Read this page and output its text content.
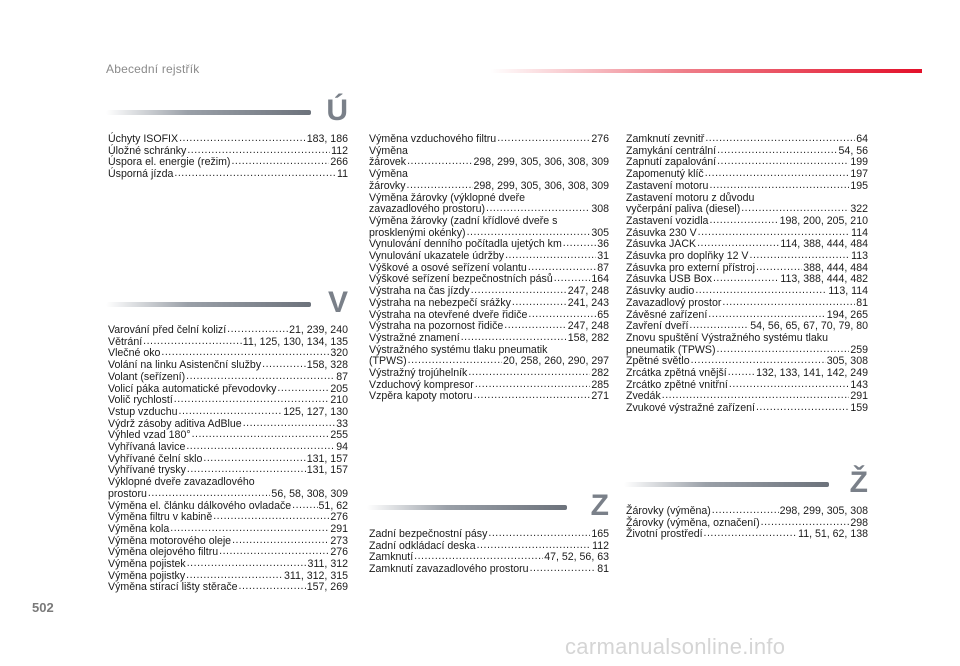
Abecední rejstřík
Ú
Úchyty ISOFIX .....	183, 186
Úložné schránky .....	112
Úspora el. energie (režim) .....	266
Úsporná jízda .....	11
V
Varování před čelní kolizí .....	21, 239, 240
Větrání .....	11, 125, 130, 134, 135
Vlečné oko .....	320
Volání na linku Asistenční služby .....	158, 328
Volant (seřízení) .....	87
Volicí páka automatické převodovky .....	205
Volič rychlostí .....	210
Vstup vzduchu .....	125, 127, 130
Výdrž zásoby aditiva AdBlue .....	33
Výhled vzad 180° .....	255
Vyhřívaná lavice .....	94
Vyhřívané čelní sklo .....	131, 157
Vyhřívané trysky .....	131, 157
Výklopné dveře zavazadlového
prostoru .....	56, 58, 308, 309
Výměna el. článku dálkového ovladače .....	51, 62
Výměna filtru v kabině .....	276
Výměna kola .....	291
Výměna motorového oleje .....	273
Výměna olejového filtru .....	276
Výměna pojistek .....	311, 312
Výměna pojistky .....	311, 312, 315
Výměna stírací lišty stěrače .....	157, 269
Výměna vzduchového filtru .....	276
Výměna
žárovek .....	298, 299, 305, 306, 308, 309
Výměna
žárovky .....	298, 299, 305, 306, 308, 309
Výměna žárovky (výklopné dveře
zavazadlového prostoru) .....	308
Výměna žárovky (zadní křídlové dveře s
prosklenými okénky) .....	305
Vynulování denního počítadla ujetých km .....	36
Vynulování ukazatele údržby .....	31
Výškové a osové seřízení volantu .....	87
Výškové seřízení bezpečnostních pásů .....	164
Výstraha na čas jízdy .....	247, 248
Výstraha na nebezpečí srážky .....	241, 243
Výstraha na otevřené dveře řidiče .....	65
Výstraha na pozornost řidiče .....	247, 248
Výstražné znamení .....	158, 282
Výstražného systému tlaku pneumatik
(TPWS) .....	20, 258, 260, 290, 297
Výstražný trojúhelník .....	282
Vzduchový kompresor .....	285
Vzpěra kapoty motoru .....	271
Z
Zadní bezpečnostní pásy .....	165
Zadní odkládací deska .....	112
Zamknutí .....	47, 52, 56, 63
Zamknutí zavazadlového prostoru .....	81
Zamknutí zevnitř .....	64
Zamykání centrální .....	54, 56
Zapnutí zapalování .....	199
Zapomenutý klíč .....	197
Zastavení motoru .....	195
Zastavení motoru z důvodu
vyčerpání paliva (diesel) .....	322
Zastavení vozidla .....	198, 200, 205, 210
Zásuvka 230 V .....	114
Zásuvka JACK .....	114, 388, 444, 484
Zásuvka pro doplňky 12 V .....	113
Zásuvka pro externí přístroj .....	388, 444, 484
Zásuvka USB Box .....	113, 388, 444, 482
Zásuvky audio .....	113, 114
Zavazadlový prostor .....	81
Závěsné zařízení .....	194, 265
Zavření dveří .....	54, 56, 65, 67, 70, 79, 80
Znovu spuštění Výstražného systému tlaku
pneumatik (TPWS) .....	259
Zpětné světlo .....	305, 308
Zrcátka zpětná vnější .....	132, 133, 141, 142, 249
Zrcátko zpětné vnitřní .....	143
Zvedák .....	291
Zvukové výstražné zařízení .....	159
Ž
Žárovky (výměna) .....	298, 299, 305, 308
Žárovky (výměna, označení) .....	298
Životní prostředí .....	11, 51, 62, 138
502
carmanualsonline.info
